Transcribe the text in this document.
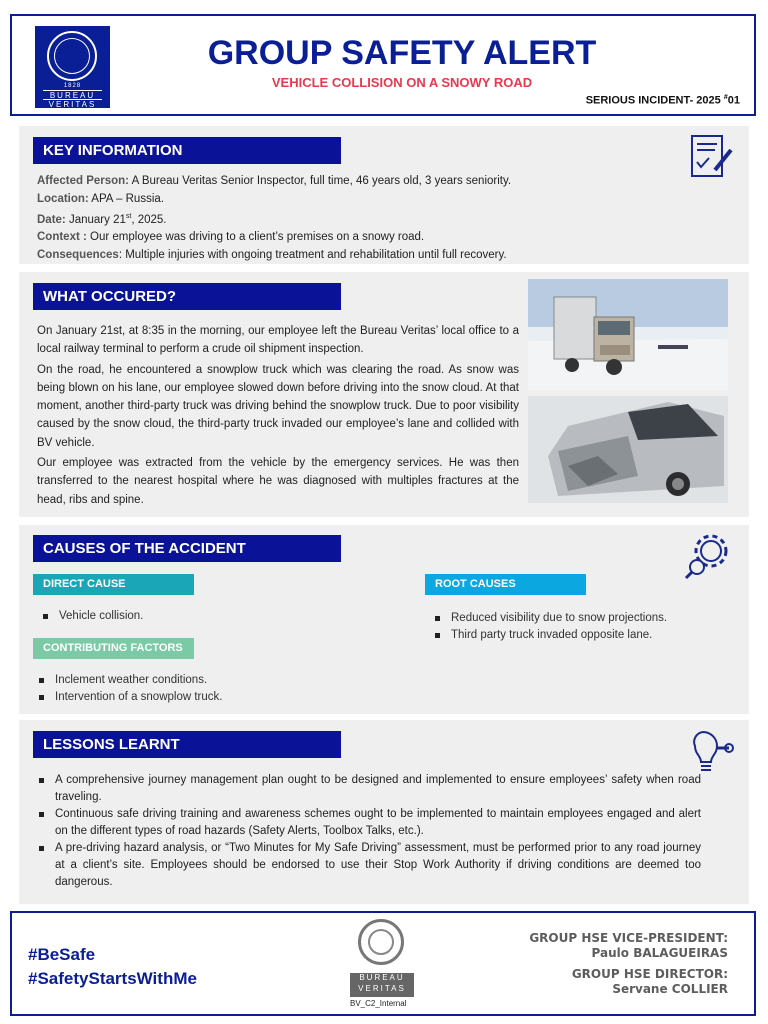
1828
BUREAU
VERITAS
GROUP SAFETY ALERT
VEHICLE COLLISION ON A SNOWY ROAD
SERIOUS INCIDENT- 2025 #01
KEY INFORMATION
Affected Person: A Bureau Veritas Senior Inspector, full time, 46 years old, 3 years seniority.
Location: APA – Russia.
Date: January 21st, 2025.
Context : Our employee was driving to a client’s premises on a snowy road.
Consequences: Multiple injuries with ongoing treatment and rehabilitation until full recovery.
WHAT OCCURED?
On January 21st, at 8:35 in the morning, our employee left the Bureau Veritas’ local office to a local railway terminal to perform a crude oil shipment inspection.
On the road, he encountered a snowplow truck which was clearing the road. As snow was being blown on his lane, our employee slowed down before driving into the snow cloud. At that moment, another third-party truck was driving behind the snowplow truck. Due to poor visibility caused by the snow cloud, the third-party truck invaded our employee’s lane and collided with BV vehicle.
Our employee was extracted from the vehicle by the emergency services. He was then transferred to the nearest hospital where he was diagnosed with multiples fractures at the head, ribs and spine.
CAUSES OF THE ACCIDENT
DIRECT CAUSE
Vehicle collision.
CONTRIBUTING FACTORS
Inclement weather conditions.
Intervention of a snowplow truck.
ROOT CAUSES
Reduced visibility due to snow projections.
Third party truck invaded opposite lane.
LESSONS LEARNT
A comprehensive journey management plan ought to be designed and implemented to ensure employees’ safety when road traveling.
Continuous safe driving training and awareness schemes ought to be implemented to maintain employees engaged and alert on the different types of road hazards (Safety Alerts, Toolbox Talks, etc.).
A pre-driving hazard analysis, or “Two Minutes for My Safe Driving” assessment, must be performed prior to any road journey at a client’s site. Employees should be endorsed to use their Stop Work Authority if driving conditions are deemed too dangerous.
#BeSafe
#SafetyStartsWithMe	BUREAU
VERITAS
BV_C2_Internal
GROUP HSE VICE-PRESIDENT:
Paulo BALAGUEIRAS
GROUP HSE DIRECTOR:
Servane COLLIER
